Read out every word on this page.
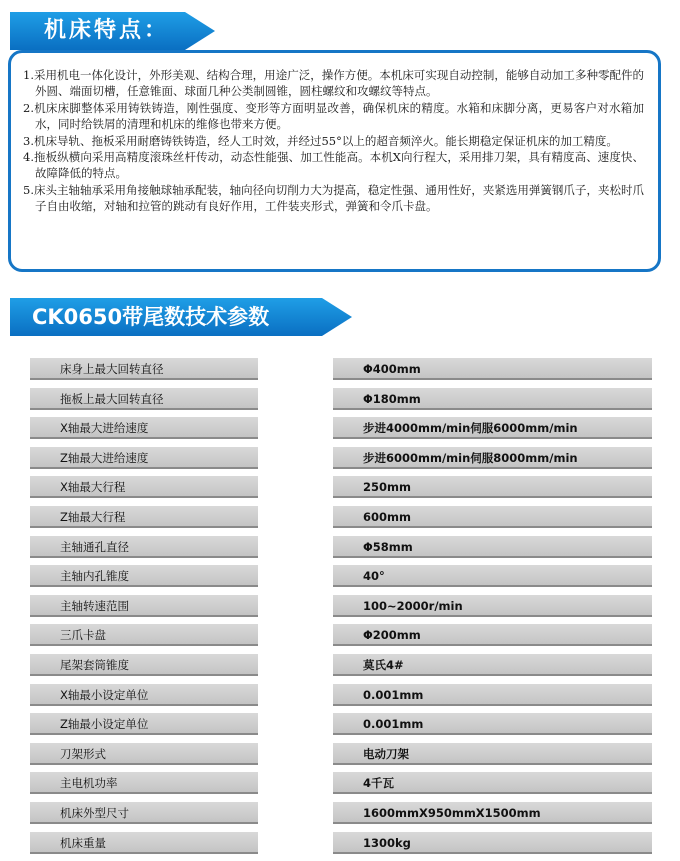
机床特点：
1.采用机电一体化设计，外形美观、结构合理，用途广泛，操作方便。本机床可实现自动控制，能够自动加工多种零配件的外圆、端面切槽，任意锥面、球面几种公类制圆锥，圆柱螺纹和攻螺纹等特点。
2.机床床脚整体采用铸铁铸造，刚性强度、变形等方面明显改善，确保机床的精度。水箱和床脚分离，更易客户对水箱加水，同时给铁屑的清理和机床的维修也带来方便。
3.机床导轨、拖板采用耐磨铸铁铸造，经人工时效，并经过55°以上的超音频淬火。能长期稳定保证机床的加工精度。
4.拖板纵横向采用高精度滚珠丝杆传动，动态性能强、加工性能高。本机X向行程大，采用排刀架，具有精度高、速度快、故障降低的特点。
5.床头主轴轴承采用角接触球轴承配装，轴向径向切削力大为提高，稳定性强、通用性好，夹紧选用弹簧钢爪子，夹松时爪子自由收缩，对轴和拉管的跳动有良好作用，工件装夹形式，弹簧和令爪卡盘。
CK0650带尾数技术参数
床身上最大回转直径	Φ400mm
拖板上最大回转直径	Φ180mm
X轴最大进给速度	步进4000mm/min伺服6000mm/min
Z轴最大进给速度	步进6000mm/min伺服8000mm/min
X轴最大行程	250mm
Z轴最大行程	600mm
主轴通孔直径	Φ58mm
主轴内孔锥度	40°
主轴转速范围	100~2000r/min
三爪卡盘	Φ200mm
尾架套筒锥度	莫氏4#
X轴最小设定单位	0.001mm
Z轴最小设定单位	0.001mm
刀架形式	电动刀架
主电机功率	4千瓦
机床外型尺寸	1600mmX950mmX1500mm
机床重量	1300kg
